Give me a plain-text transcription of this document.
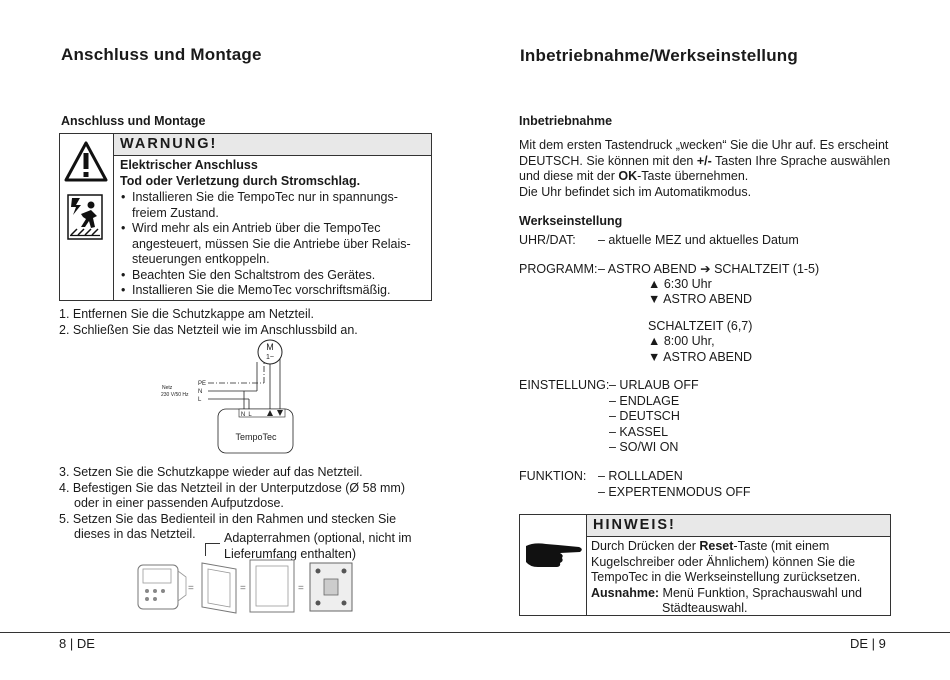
Anschluss und Montage
Anschluss und Montage
WARNUNG!
Elektrischer Anschluss
Tod oder Verletzung durch Stromschlag.
• Installieren Sie die TempoTec nur in spannungs-freiem Zustand.
• Wird mehr als ein Antrieb über die TempoTec angesteuert, müssen Sie die Antriebe über Relais-steuerungen entkoppeln.
• Beachten Sie den Schaltstrom des Gerätes.
• Installieren Sie die MemoTec vorschriftsmäßig.
1. Entfernen Sie die Schutzkappe am Netzteil.
2. Schließen Sie das Netzteil wie im Anschlussbild an.
M
1~
Netz
230 V/50 Hz
PE
N
L
N L
TempoTec
3. Setzen Sie die Schutzkappe wieder auf das Netzteil.
4. Befestigen Sie das Netzteil in der Unterputzdose (Ø 58 mm) oder in einer passenden Aufputzdose.
5. Setzen Sie das Bedienteil in den Rahmen und stecken Sie dieses in das Netzteil.	Adapterrahmen (optional, nicht im Lieferumfang enthalten)
=	=	=
Inbetriebnahme/Werkseinstellung
Inbetriebnahme
Mit dem ersten Tastendruck „wecken“ Sie die Uhr auf. Es erscheint
DEUTSCH. Sie können mit den +/- Tasten Ihre Sprache auswählen
und diese mit der OK-Taste übernehmen.
Die Uhr befindet sich im Automatikmodus.
Werkseinstellung
UHR/DAT: – aktuelle MEZ und aktuelles Datum
PROGRAMM: – ASTRO ABEND ➔ SCHALTZEIT (1-5)
▲ 6:30 Uhr
▼ ASTRO ABEND
SCHALTZEIT (6,7)
▲ 8:00 Uhr,
▼ ASTRO ABEND
EINSTELLUNG: – URLAUB OFF
– ENDLAGE
– DEUTSCH
– KASSEL
– SO/WI ON
FUNKTION: – ROLLLADEN
– EXPERTENMODUS OFF
HINWEIS!
Durch Drücken der Reset-Taste (mit einem
Kugelschreiber oder Ähnlichem) können Sie die
TempoTec in die Werkseinstellung zurücksetzen.
Ausnahme: Menü Funktion, Sprachauswahl und
Städteauswahl.
8 | DE	DE | 9
